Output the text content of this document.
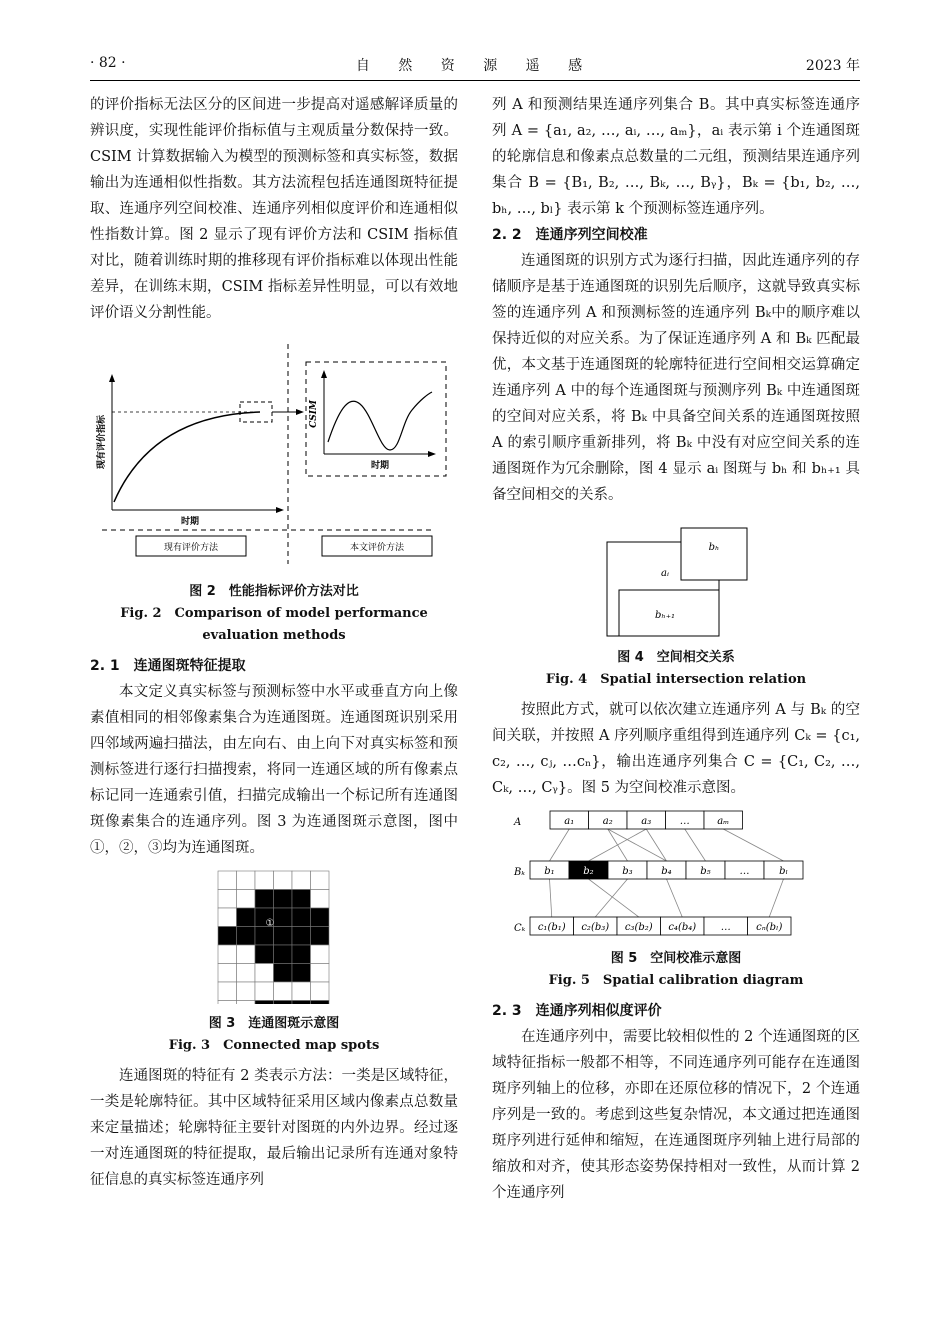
· 82 ·	自 然 资 源 遥 感	2023 年

的评价指标无法区分的区间进一步提高对遥感解译质量的辨识度，实现性能评价指标值与主观质量分数保持一致。CSIM 计算数据输入为模型的预测标签和真实标签，数据输出为连通相似性指数。其方法流程包括连通图斑特征提取、连通序列空间校准、连通序列相似度评价和连通相似性指数计算。图 2 显示了现有评价方法和 CSIM 指标值对比，随着训练时期的推移现有评价指标难以体现出性能差异，在训练末期，CSIM 指标差异性明显，可以有效地评价语义分割性能。

现有评价指标
时期
CSIM
时期
现有评价方法	本文评价方法
图 2　性能指标评价方法对比
Fig. 2　Comparison of model performance
evaluation methods

2. 1　连通图斑特征提取

本文定义真实标签与预测标签中水平或垂直方向上像素值相同的相邻像素集合为连通图斑。连通图斑识别采用四邻域两遍扫描法，由左向右、由上向下对真实标签和预测标签进行逐行扫描搜索，将同一连通区域的所有像素点标记同一连通索引值，扫描完成输出一个标记所有连通图斑像素集合的连通序列。图 3 为连通图斑示意图，图中①，②，③均为连通图斑。

①
②
③
图 3　连通图斑示意图
Fig. 3　Connected map spots

连通图斑的特征有 2 类表示方法：一类是区域特征，一类是轮廓特征。其中区域特征采用区域内像素点总数量来定量描述；轮廓特征主要针对图斑的内外边界。经过逐一对连通图斑的特征提取，最后输出记录所有连通对象特征信息的真实标签连通序列

列 A 和预测结果连通序列集合 B。其中真实标签连通序列 A = {a₁, a₂, …, aᵢ, …, aₘ}，aᵢ 表示第 i 个连通图斑的轮廓信息和像素点总数量的二元组，预测结果连通序列集合 B = {B₁, B₂, …, Bₖ, …, Bᵧ}，Bₖ = {b₁, b₂, …, bₕ, …, bₗ} 表示第 k 个预测标签连通序列。

2. 2　连通序列空间校准

连通图斑的识别方式为逐行扫描，因此连通序列的存储顺序是基于连通图斑的识别先后顺序，这就导致真实标签的连通序列 A 和预测标签的连通序列 Bₖ中的顺序难以保持近似的对应关系。为了保证连通序列 A 和 Bₖ 匹配最优，本文基于连通图斑的轮廓特征进行空间相交运算确定连通序列 A 中的每个连通图斑与预测序列 Bₖ 中连通图斑的空间对应关系，将 Bₖ 中具备空间关系的连通图斑按照 A 的索引顺序重新排列，将 Bₖ 中没有对应空间关系的连通图斑作为冗余删除，图 4 显示 aᵢ 图斑与 bₕ 和 bₕ₊₁ 具备空间相交的关系。

bₕ
aᵢ
bₕ₊₁
图 4　空间相交关系
Fig. 4　Spatial intersection relation

按照此方式，就可以依次建立连通序列 A 与 Bₖ 的空间关联，并按照 A 序列顺序重组得到连通序列 Cₖ = {c₁, c₂, …, cⱼ, …cₙ}，输出连通序列集合 C = {C₁, C₂, …, Cₖ, …, Cᵧ}。图 5 为空间校准示意图。

a₁	a₂	a₃	…	aₘ
b₁	b₂	b₃	b₄	b₅	…	bₗ
c₁(b₁) c₂(b₃) c₃(b₂) c₄(b₄) …	cₙ(bₗ)
A
Bₖ
Cₖ
图 5　空间校准示意图
Fig. 5　Spatial calibration diagram

2. 3　连通序列相似度评价

在连通序列中，需要比较相似性的 2 个连通图斑的区域特征指标一般都不相等，不同连通序列可能存在连通图斑序列轴上的位移，亦即在还原位移的情况下，2 个连通序列是一致的。考虑到这些复杂情况，本文通过把连通图斑序列进行延伸和缩短，在连通图斑序列轴上进行局部的缩放和对齐，使其形态姿势保持相对一致性，从而计算 2 个连通序列
